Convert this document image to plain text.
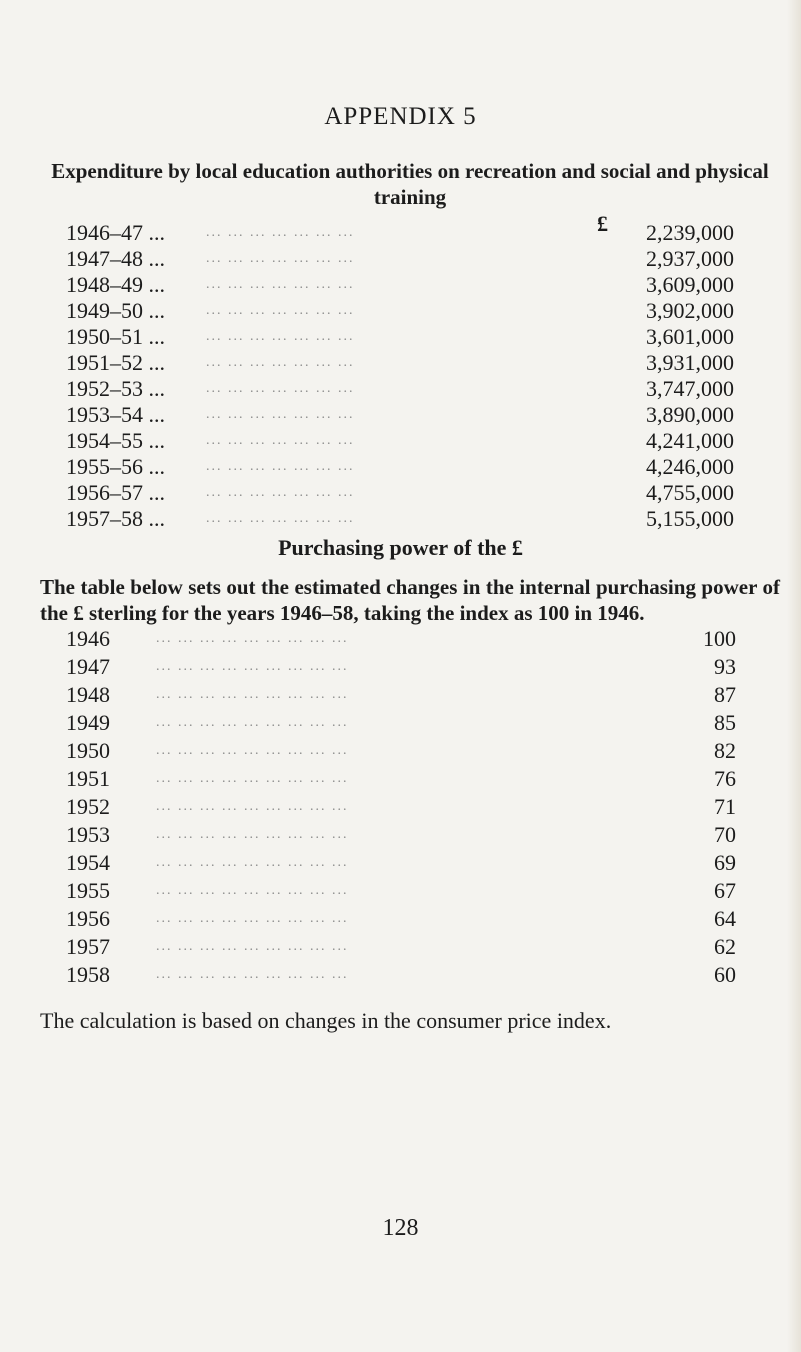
APPENDIX 5
Expenditure by local education authorities on recreation and social and physical training
£
1946–47 ...	... ... ... ... ... ... ...	2,239,000
1947–48 ...	... ... ... ... ... ... ...	2,937,000
1948–49 ...	... ... ... ... ... ... ...	3,609,000
1949–50 ...	... ... ... ... ... ... ...	3,902,000
1950–51 ...	... ... ... ... ... ... ...	3,601,000
1951–52 ...	... ... ... ... ... ... ...	3,931,000
1952–53 ...	... ... ... ... ... ... ...	3,747,000
1953–54 ...	... ... ... ... ... ... ...	3,890,000
1954–55 ...	... ... ... ... ... ... ...	4,241,000
1955–56 ...	... ... ... ... ... ... ...	4,246,000
1956–57 ...	... ... ... ... ... ... ...	4,755,000
1957–58 ...	... ... ... ... ... ... ...	5,155,000
Purchasing power of the £
The table below sets out the estimated changes in the internal purchasing power of the £ sterling for the years 1946–58, taking the index as 100 in 1946.
1946	... ... ... ... ... ... ... ... ...	100
1947	... ... ... ... ... ... ... ... ...	93
1948	... ... ... ... ... ... ... ... ...	87
1949	... ... ... ... ... ... ... ... ...	85
1950	... ... ... ... ... ... ... ... ...	82
1951	... ... ... ... ... ... ... ... ...	76
1952	... ... ... ... ... ... ... ... ...	71
1953	... ... ... ... ... ... ... ... ...	70
1954	... ... ... ... ... ... ... ... ...	69
1955	... ... ... ... ... ... ... ... ...	67
1956	... ... ... ... ... ... ... ... ...	64
1957	... ... ... ... ... ... ... ... ...	62
1958	... ... ... ... ... ... ... ... ...	60
The calculation is based on changes in the consumer price index.
128
